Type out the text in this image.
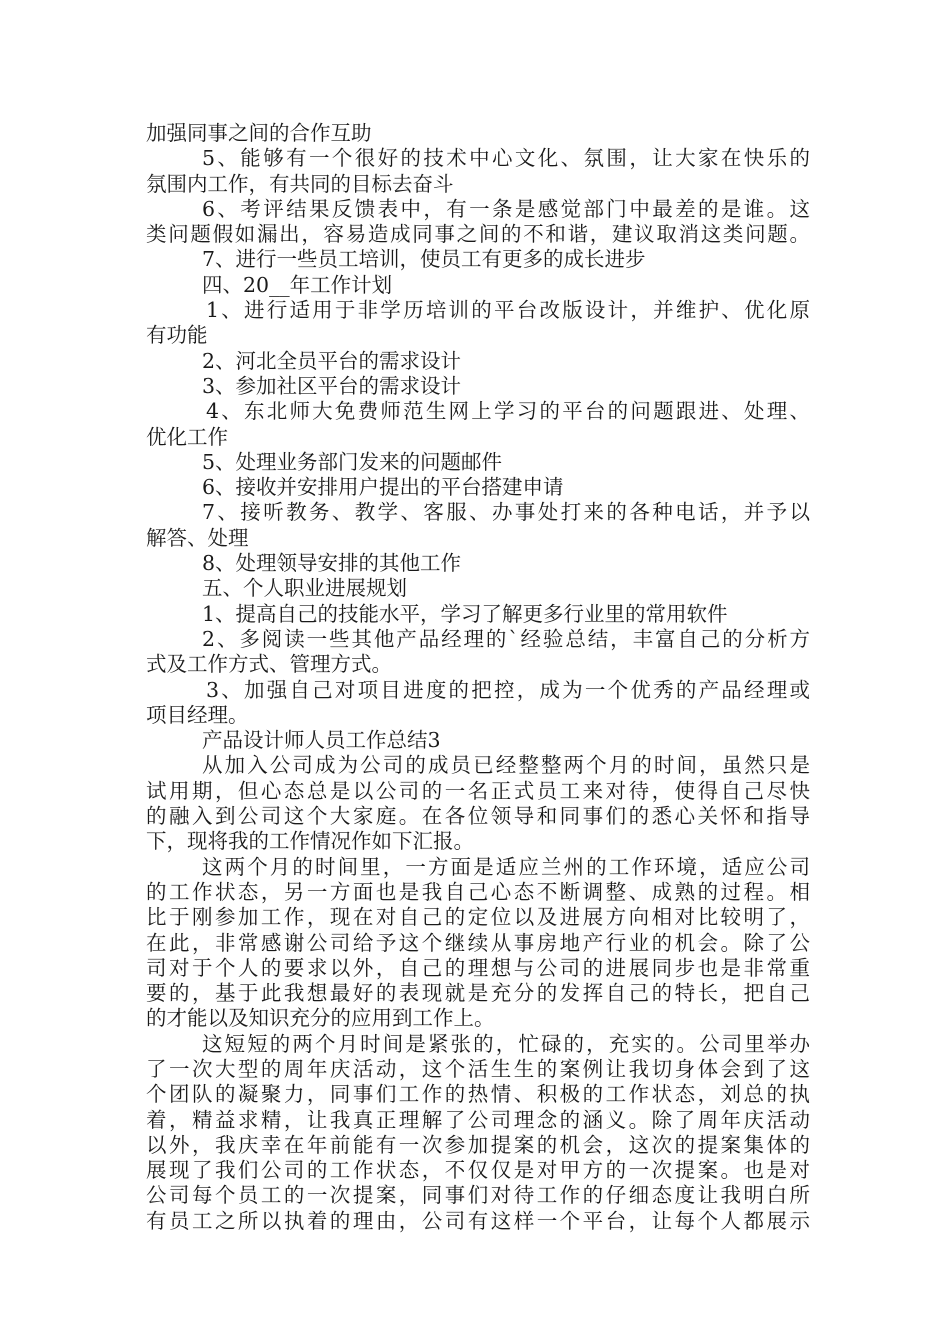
加强同事之间的合作互助
5、能够有一个很好的技术中心文化、氛围，让大家在快乐的
氛围内工作，有共同的目标去奋斗
6、考评结果反馈表中，有一条是感觉部门中最差的是谁。这
类问题假如漏出，容易造成同事之间的不和谐，建议取消这类问题。
7、进行一些员工培训，使员工有更多的成长进步
四、20__年工作计划
1、进行适用于非学历培训的平台改版设计，并维护、优化原
有功能
2、河北全员平台的需求设计
3、参加社区平台的需求设计
4、东北师大免费师范生网上学习的平台的问题跟进、处理、
优化工作
5、处理业务部门发来的问题邮件
6、接收并安排用户提出的平台搭建申请
7、接听教务、教学、客服、办事处打来的各种电话，并予以
解答、处理
8、处理领导安排的其他工作
五、个人职业进展规划
1、提高自己的技能水平，学习了解更多行业里的常用软件
2、多阅读一些其他产品经理的`经验总结，丰富自己的分析方
式及工作方式、管理方式。
3、加强自己对项目进度的把控，成为一个优秀的产品经理或
项目经理。
产品设计师人员工作总结3
从加入公司成为公司的成员已经整整两个月的时间，虽然只是
试用期，但心态总是以公司的一名正式员工来对待，使得自己尽快
的融入到公司这个大家庭。在各位领导和同事们的悉心关怀和指导
下，现将我的工作情况作如下汇报。
这两个月的时间里，一方面是适应兰州的工作环境，适应公司
的工作状态，另一方面也是我自己心态不断调整、成熟的过程。相
比于刚参加工作，现在对自己的定位以及进展方向相对比较明了，
在此，非常感谢公司给予这个继续从事房地产行业的机会。除了公
司对于个人的要求以外，自己的理想与公司的进展同步也是非常重
要的，基于此我想最好的表现就是充分的发挥自己的特长，把自己
的才能以及知识充分的应用到工作上。
这短短的两个月时间是紧张的，忙碌的，充实的。公司里举办
了一次大型的周年庆活动，这个活生生的案例让我切身体会到了这
个团队的凝聚力，同事们工作的热情、积极的工作状态，刘总的执
着，精益求精，让我真正理解了公司理念的涵义。除了周年庆活动
以外，我庆幸在年前能有一次参加提案的机会，这次的提案集体的
展现了我们公司的工作状态，不仅仅是对甲方的一次提案。也是对
公司每个员工的一次提案，同事们对待工作的仔细态度让我明白所
有员工之所以执着的理由，公司有这样一个平台，让每个人都展示
